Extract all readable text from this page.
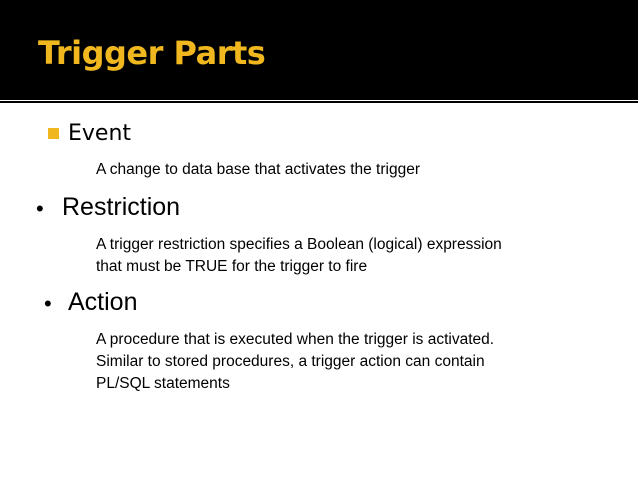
Trigger Parts
Event
A change to data base that activates the trigger
• Restriction
A trigger restriction specifies a Boolean (logical) expression
that must be TRUE for the trigger to fire
• Action
A procedure that is executed when the trigger is activated.
Similar to stored procedures, a trigger action can contain
PL/SQL statements
